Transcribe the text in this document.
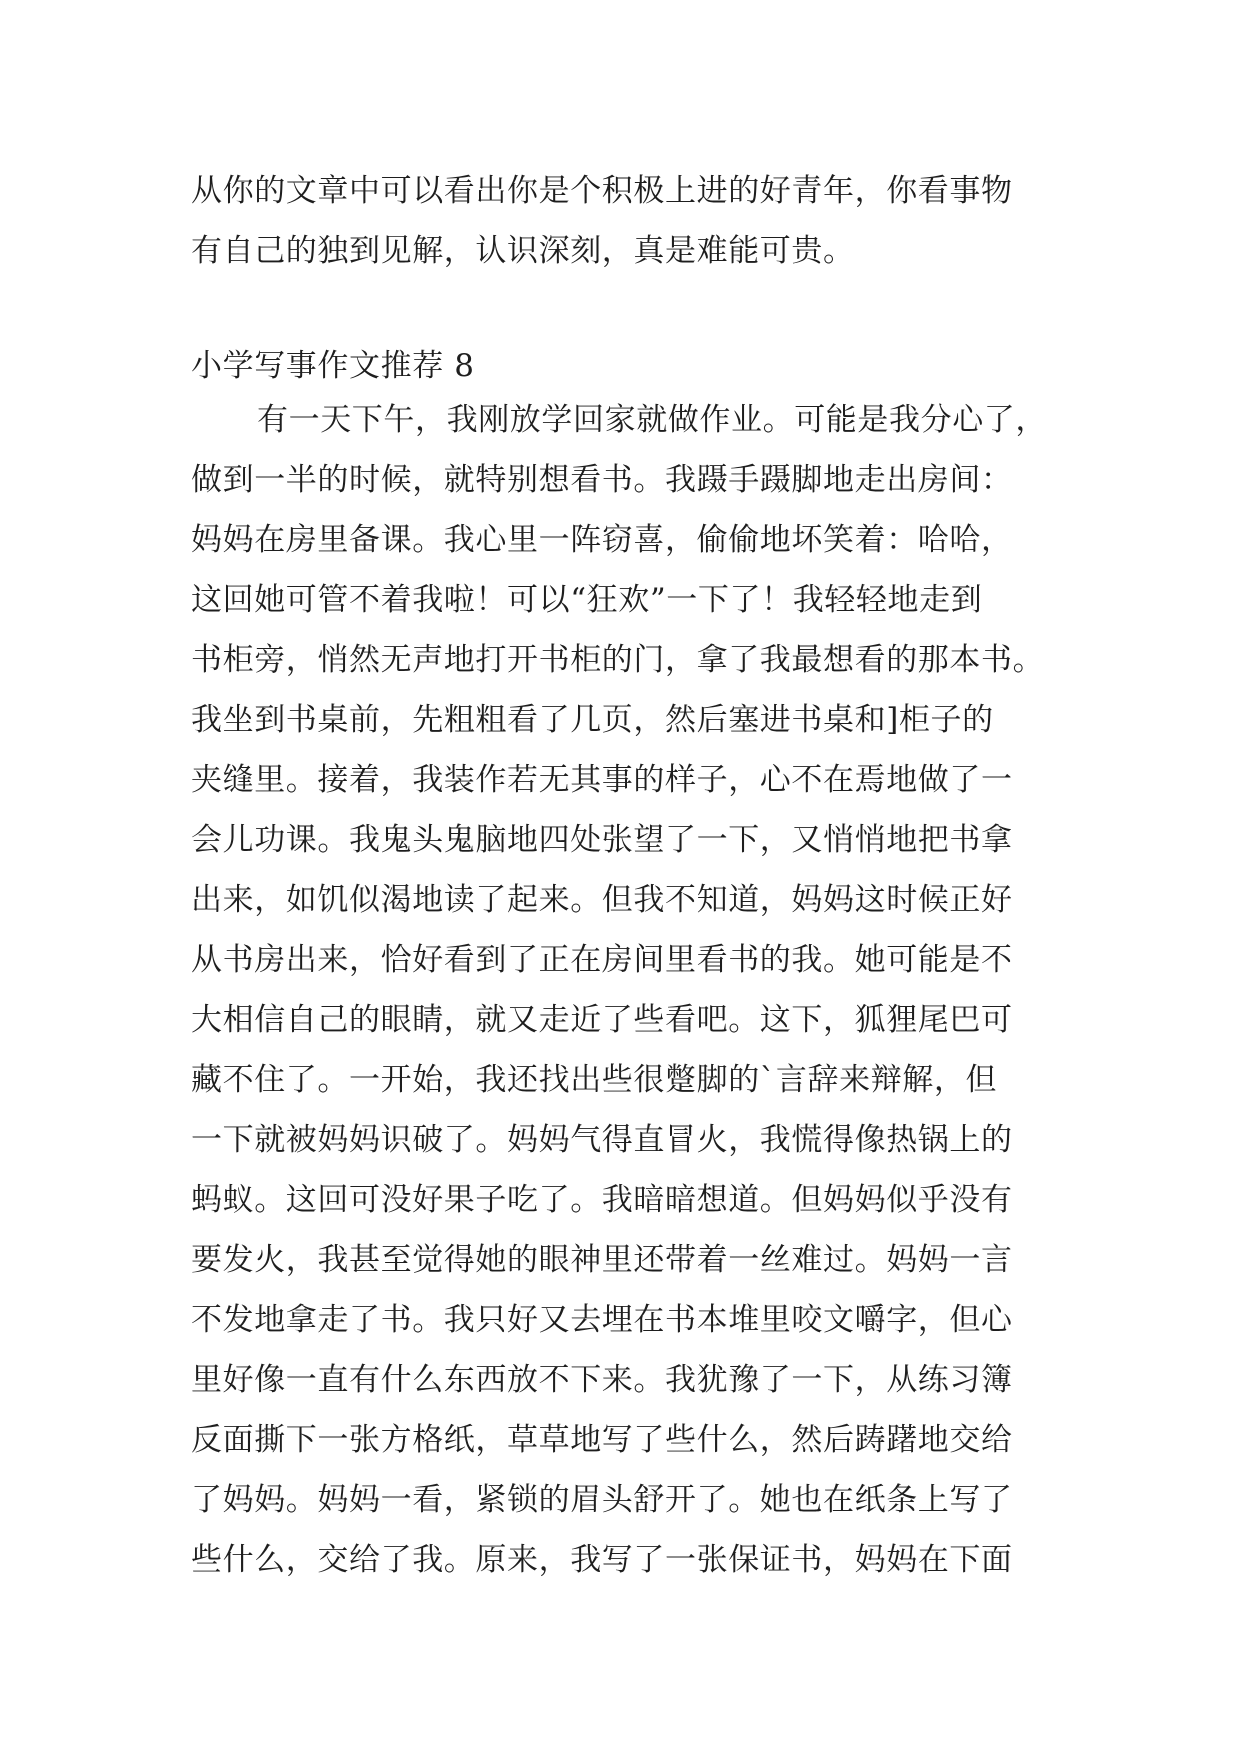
从你的文章中可以看出你是个积极上进的好青年，你看事物
有自己的独到见解，认识深刻，真是难能可贵。
小学写事作文推荐 8
有一天下午，我刚放学回家就做作业。可能是我分心了，
做到一半的时候，就特别想看书。我蹑手蹑脚地走出房间：
妈妈在房里备课。我心里一阵窃喜，偷偷地坏笑着：哈哈，
这回她可管不着我啦！可以“狂欢”一下了！我轻轻地走到
书柜旁，悄然无声地打开书柜的门，拿了我最想看的那本书。
我坐到书桌前，先粗粗看了几页，然后塞进书桌和]柜子的
夹缝里。接着，我装作若无其事的样子，心不在焉地做了一
会儿功课。我鬼头鬼脑地四处张望了一下，又悄悄地把书拿
出来，如饥似渴地读了起来。但我不知道，妈妈这时候正好
从书房出来，恰好看到了正在房间里看书的我。她可能是不
大相信自己的眼睛，就又走近了些看吧。这下，狐狸尾巴可
藏不住了。一开始，我还找出些很蹩脚的`言辞来辩解，但
一下就被妈妈识破了。妈妈气得直冒火，我慌得像热锅上的
蚂蚁。这回可没好果子吃了。我暗暗想道。但妈妈似乎没有
要发火，我甚至觉得她的眼神里还带着一丝难过。妈妈一言
不发地拿走了书。我只好又去埋在书本堆里咬文嚼字，但心
里好像一直有什么东西放不下来。我犹豫了一下，从练习簿
反面撕下一张方格纸，草草地写了些什么，然后踌躇地交给
了妈妈。妈妈一看，紧锁的眉头舒开了。她也在纸条上写了
些什么，交给了我。原来，我写了一张保证书，妈妈在下面
